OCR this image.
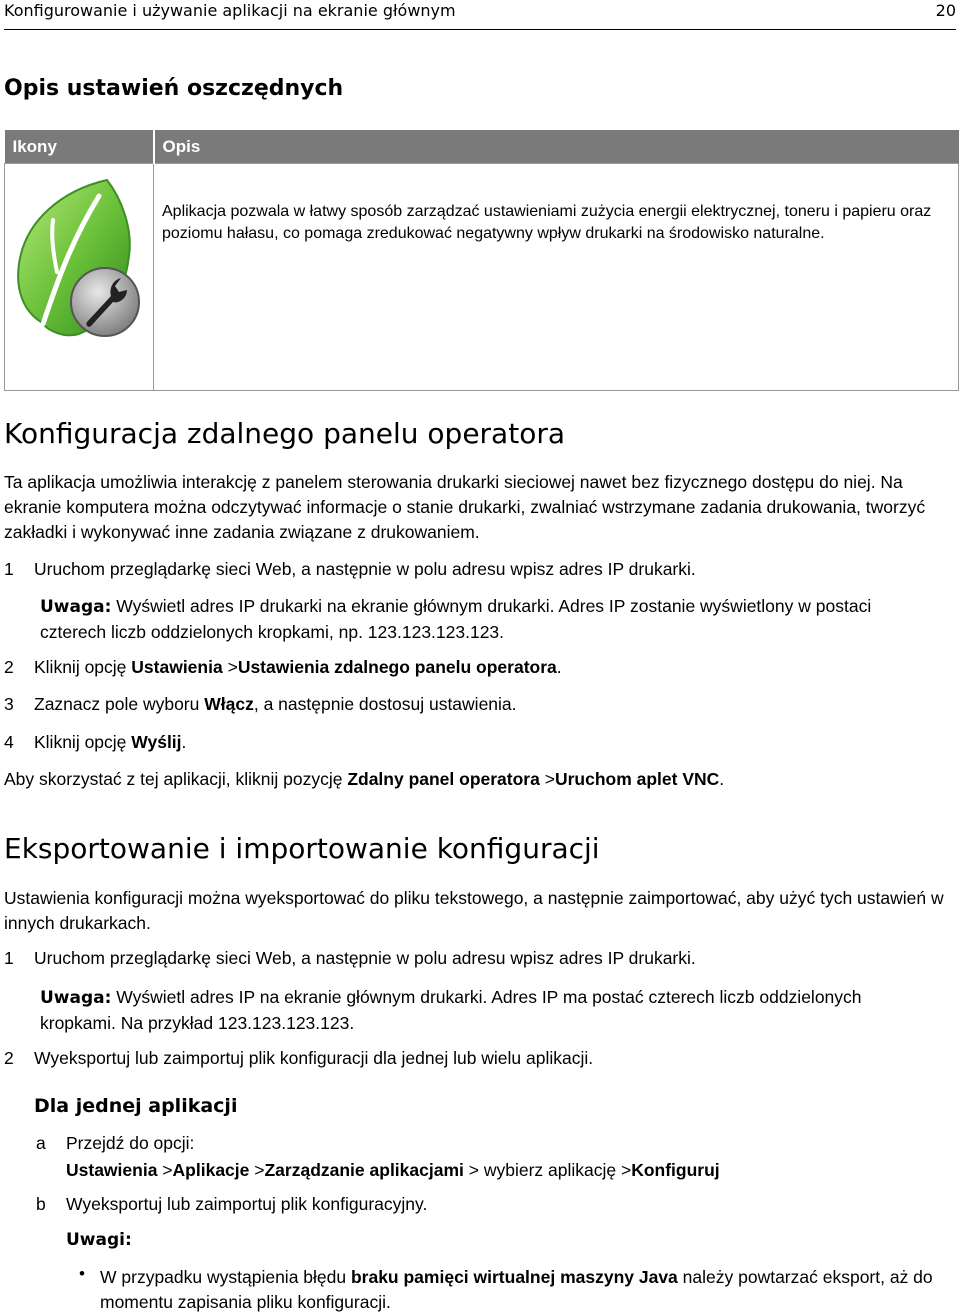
Konfigurowanie i używanie aplikacji na ekranie głównym	20
Opis ustawień oszczędnych
Ikony	Opis

Aplikacja pozwala w łatwy sposób zarządzać ustawieniami zużycia energii elektrycznej, toneru i papieru oraz poziomu hałasu, co pomaga zredukować negatywny wpływ drukarki na środowisko naturalne.
Konfiguracja zdalnego panelu operatora
Ta aplikacja umożliwia interakcję z panelem sterowania drukarki sieciowej nawet bez fizycznego dostępu do niej. Na ekranie komputera można odczytywać informacje o stanie drukarki, zwalniać wstrzymane zadania drukowania, tworzyć zakładki i wykonywać inne zadania związane z drukowaniem.
1 Uruchom przeglądarkę sieci Web, a następnie w polu adresu wpisz adres IP drukarki.
Uwaga: Wyświetl adres IP drukarki na ekranie głównym drukarki. Adres IP zostanie wyświetlony w postaci czterech liczb oddzielonych kropkami, np. 123.123.123.123.
2 Kliknij opcję Ustawienia >Ustawienia zdalnego panelu operatora.
3 Zaznacz pole wyboru Włącz, a następnie dostosuj ustawienia.
4 Kliknij opcję Wyślij.
Aby skorzystać z tej aplikacji, kliknij pozycję Zdalny panel operatora >Uruchom aplet VNC.
Eksportowanie i importowanie konfiguracji
Ustawienia konfiguracji można wyeksportować do pliku tekstowego, a następnie zaimportować, aby użyć tych ustawień w innych drukarkach.
1 Uruchom przeglądarkę sieci Web, a następnie w polu adresu wpisz adres IP drukarki.
Uwaga: Wyświetl adres IP na ekranie głównym drukarki. Adres IP ma postać czterech liczb oddzielonych kropkami. Na przykład 123.123.123.123.
2 Wyeksportuj lub zaimportuj plik konfiguracji dla jednej lub wielu aplikacji.
Dla jednej aplikacji
a Przejdź do opcji:
Ustawienia >Aplikacje >Zarządzanie aplikacjami > wybierz aplikację >Konfiguruj
b Wyeksportuj lub zaimportuj plik konfiguracyjny.
Uwagi:
• W przypadku wystąpienia błędu braku pamięci wirtualnej maszyny Java należy powtarzać eksport, aż do momentu zapisania pliku konfiguracji.
